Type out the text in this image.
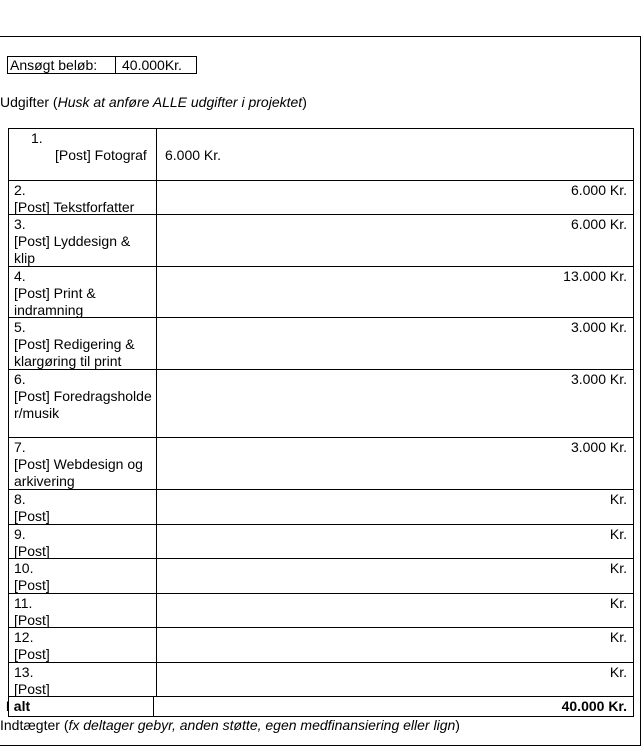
Ansøgt beløb:	40.000Kr.
Udgifter (Husk at anføre ALLE udgifter i projektet)
1.
[Post] Fotograf	6.000 Kr.
2.
[Post] Tekstforfatter
6.000 Kr.
3.
[Post] Lyddesign & klip
6.000 Kr.
4.
[Post] Print & indramning
13.000 Kr.
5.
[Post] Redigering & klargøring til print
3.000 Kr.
6.
[Post] Foredragsholder/musik
3.000 Kr.
7.
[Post] Webdesign og arkivering
3.000 Kr.
8.
[Post]
Kr.
9.
[Post]
Kr.
10.
[Post]
Kr.
11.
[Post]
Kr.
12.
[Post]
Kr.
13.
[Post]
Kr.
I alt	40.000 Kr.
Indtægter (fx deltager gebyr, anden støtte, egen medfinansiering eller lign)
